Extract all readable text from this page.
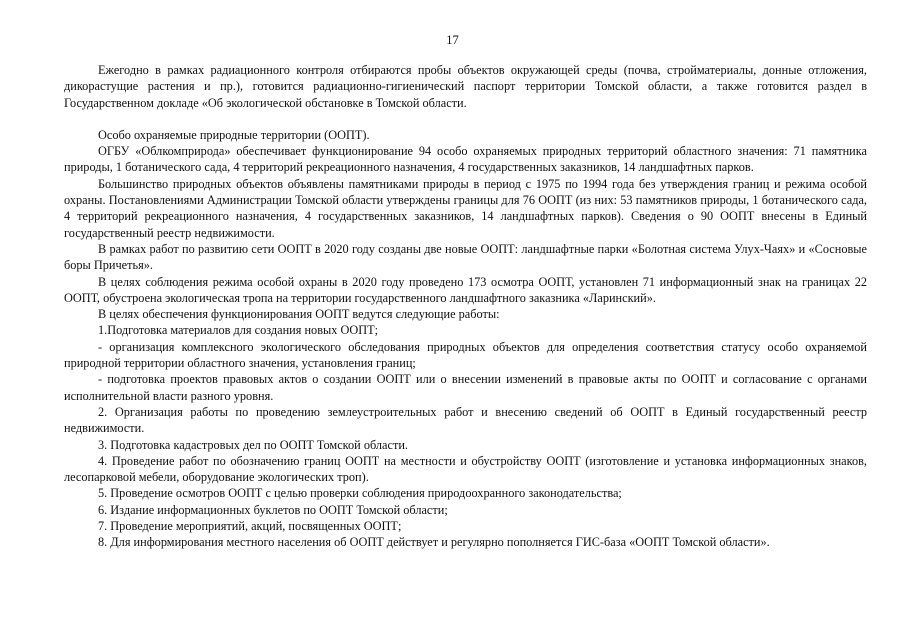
17

Ежегодно в рамках радиационного контроля отбираются пробы объектов окружающей среды (почва, стройматериалы, донные отложения, дикорастущие растения и пр.), готовится радиационно-гигиенический паспорт территории Томской области, а также готовится раздел в Государственном докладе «Об экологической обстановке в Томской области.

Особо охраняемые природные территории (ООПТ).

ОГБУ «Облкомприрода» обеспечивает функционирование 94 особо охраняемых природных территорий областного значения: 71 памятника природы, 1 ботанического сада, 4 территорий рекреационного назначения, 4 государственных заказников, 14 ландшафтных парков.

Большинство природных объектов объявлены памятниками природы в период с 1975 по 1994 года без утверждения границ и режима особой охраны. Постановлениями Администрации Томской области утверждены границы для 76 ООПТ (из них: 53 памятников природы, 1 ботанического сада, 4 территорий рекреационного назначения, 4 государственных заказников, 14 ландшафтных парков). Сведения о 90 ООПТ внесены в Единый государственный реестр недвижимости.

В рамках работ по развитию сети ООПТ в 2020 году созданы две новые ООПТ: ландшафтные парки «Болотная система Улух-Чаях» и «Сосновые боры Причетья».

В целях соблюдения режима особой охраны в 2020 году проведено 173 осмотра ООПТ, установлен 71 информационный знак на границах 22 ООПТ, обустроена экологическая тропа на территории государственного ландшафтного заказника «Ларинский».

В целях обеспечения функционирования ООПТ ведутся следующие работы:

1.Подготовка материалов для создания новых ООПТ;

- организация комплексного экологического обследования природных объектов для определения соответствия статусу особо охраняемой природной территории областного значения, установления границ;

- подготовка проектов правовых актов о создании ООПТ или о внесении изменений в правовые акты по ООПТ и согласование с органами исполнительной власти разного уровня.

2. Организация работы по проведению землеустроительных работ и внесению сведений об ООПТ в Единый государственный реестр недвижимости.

3. Подготовка кадастровых дел по ООПТ Томской области.

4. Проведение работ по обозначению границ ООПТ на местности и обустройству ООПТ (изготовление и установка информационных знаков, лесопарковой мебели, оборудование экологических троп).

5. Проведение осмотров ООПТ с целью проверки соблюдения природоохранного законодательства;

6. Издание информационных буклетов по ООПТ Томской области;

7. Проведение мероприятий, акций, посвященных ООПТ;

8. Для информирования местного населения об ООПТ действует и регулярно пополняется ГИС-база «ООПТ Томской области».
